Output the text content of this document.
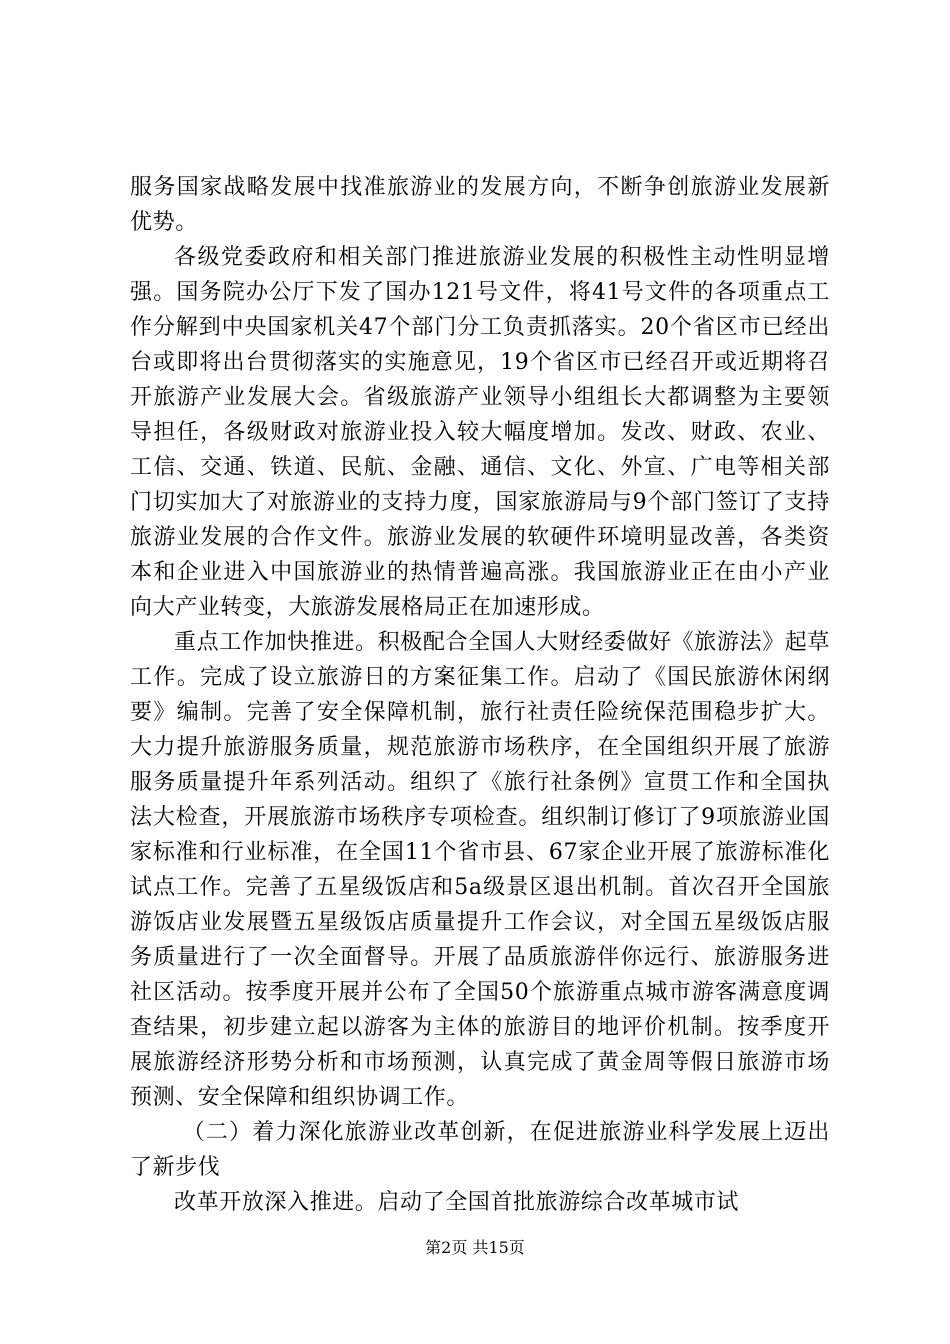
服务国家战略发展中找准旅游业的发展方向，不断争创旅游业发展新优势。

各级党委政府和相关部门推进旅游业发展的积极性主动性明显增强。国务院办公厅下发了国办121号文件，将41号文件的各项重点工作分解到中央国家机关47个部门分工负责抓落实。20个省区市已经出台或即将出台贯彻落实的实施意见，19个省区市已经召开或近期将召开旅游产业发展大会。省级旅游产业领导小组组长大都调整为主要领导担任，各级财政对旅游业投入较大幅度增加。发改、财政、农业、工信、交通、铁道、民航、金融、通信、文化、外宣、广电等相关部门切实加大了对旅游业的支持力度，国家旅游局与9个部门签订了支持旅游业发展的合作文件。旅游业发展的软硬件环境明显改善，各类资本和企业进入中国旅游业的热情普遍高涨。我国旅游业正在由小产业向大产业转变，大旅游发展格局正在加速形成。

重点工作加快推进。积极配合全国人大财经委做好《旅游法》起草工作。完成了设立旅游日的方案征集工作。启动了《国民旅游休闲纲要》编制。完善了安全保障机制，旅行社责任险统保范围稳步扩大。大力提升旅游服务质量，规范旅游市场秩序，在全国组织开展了旅游服务质量提升年系列活动。组织了《旅行社条例》宣贯工作和全国执法大检查，开展旅游市场秩序专项检查。组织制订修订了9项旅游业国家标准和行业标准，在全国11个省市县、67家企业开展了旅游标准化试点工作。完善了五星级饭店和5a级景区退出机制。首次召开全国旅游饭店业发展暨五星级饭店质量提升工作会议，对全国五星级饭店服务质量进行了一次全面督导。开展了品质旅游伴你远行、旅游服务进社区活动。按季度开展并公布了全国50个旅游重点城市游客满意度调查结果，初步建立起以游客为主体的旅游目的地评价机制。按季度开展旅游经济形势分析和市场预测，认真完成了黄金周等假日旅游市场预测、安全保障和组织协调工作。

（二）着力深化旅游业改革创新，在促进旅游业科学发展上迈出了新步伐

改革开放深入推进。启动了全国首批旅游综合改革城市试

第2页 共15页
